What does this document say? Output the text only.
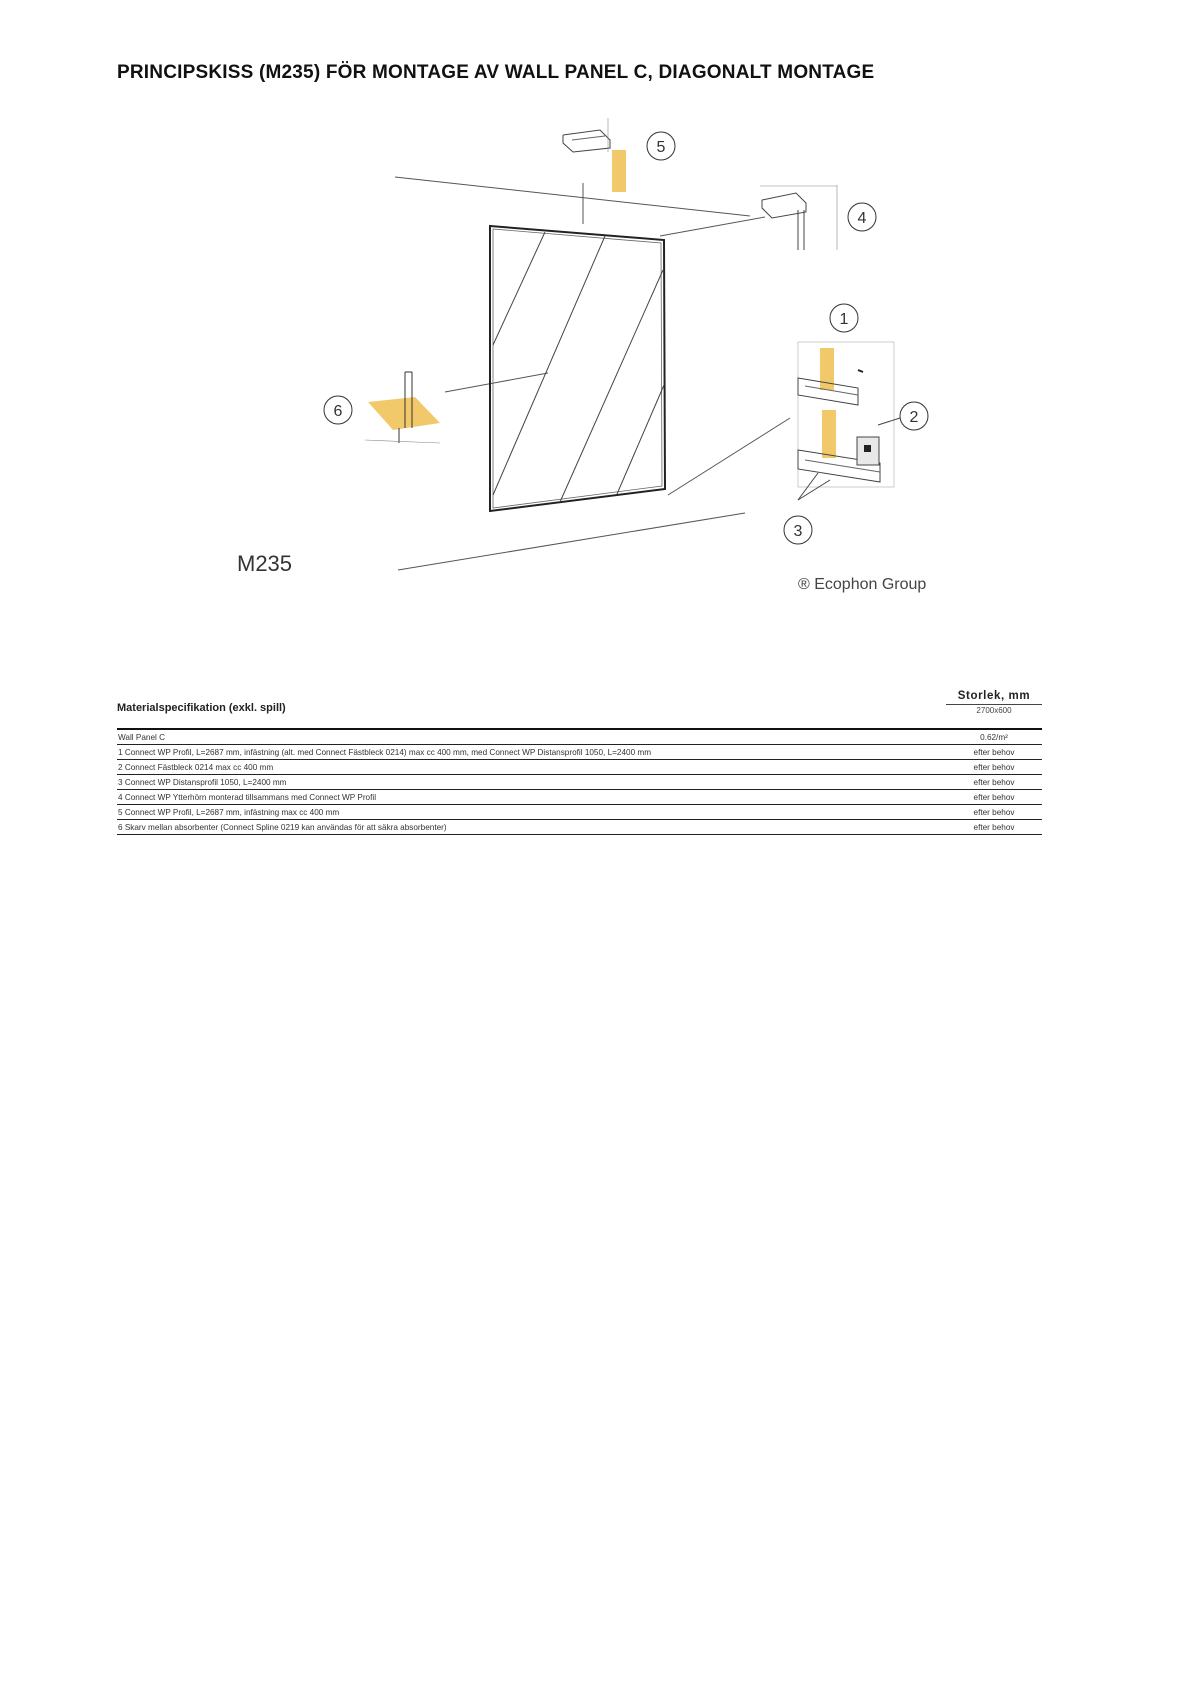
PRINCIPSKISS (M235) FÖR MONTAGE AV WALL PANEL C, DIAGONALT MONTAGE
5
4
1
2
3
6
M235
® Ecophon Group
Materialspecifikation (exkl. spill)
Storlek, mm
2700x600
Wall Panel C	0.62/m²
1 Connect WP Profil, L=2687 mm, infästning (alt. med Connect Fästbleck 0214) max cc 400 mm, med Connect WP Distansprofil 1050, L=2400 mm	efter behov
2 Connect Fästbleck 0214 max cc 400 mm	efter behov
3 Connect WP Distansprofil 1050, L=2400 mm	efter behov
4 Connect WP Ytterhörn monterad tillsammans med Connect WP Profil	efter behov
5 Connect WP Profil, L=2687 mm, infästning max cc 400 mm	efter behov
6 Skarv mellan absorbenter (Connect Spline 0219 kan användas för att säkra absorbenter)	efter behov
